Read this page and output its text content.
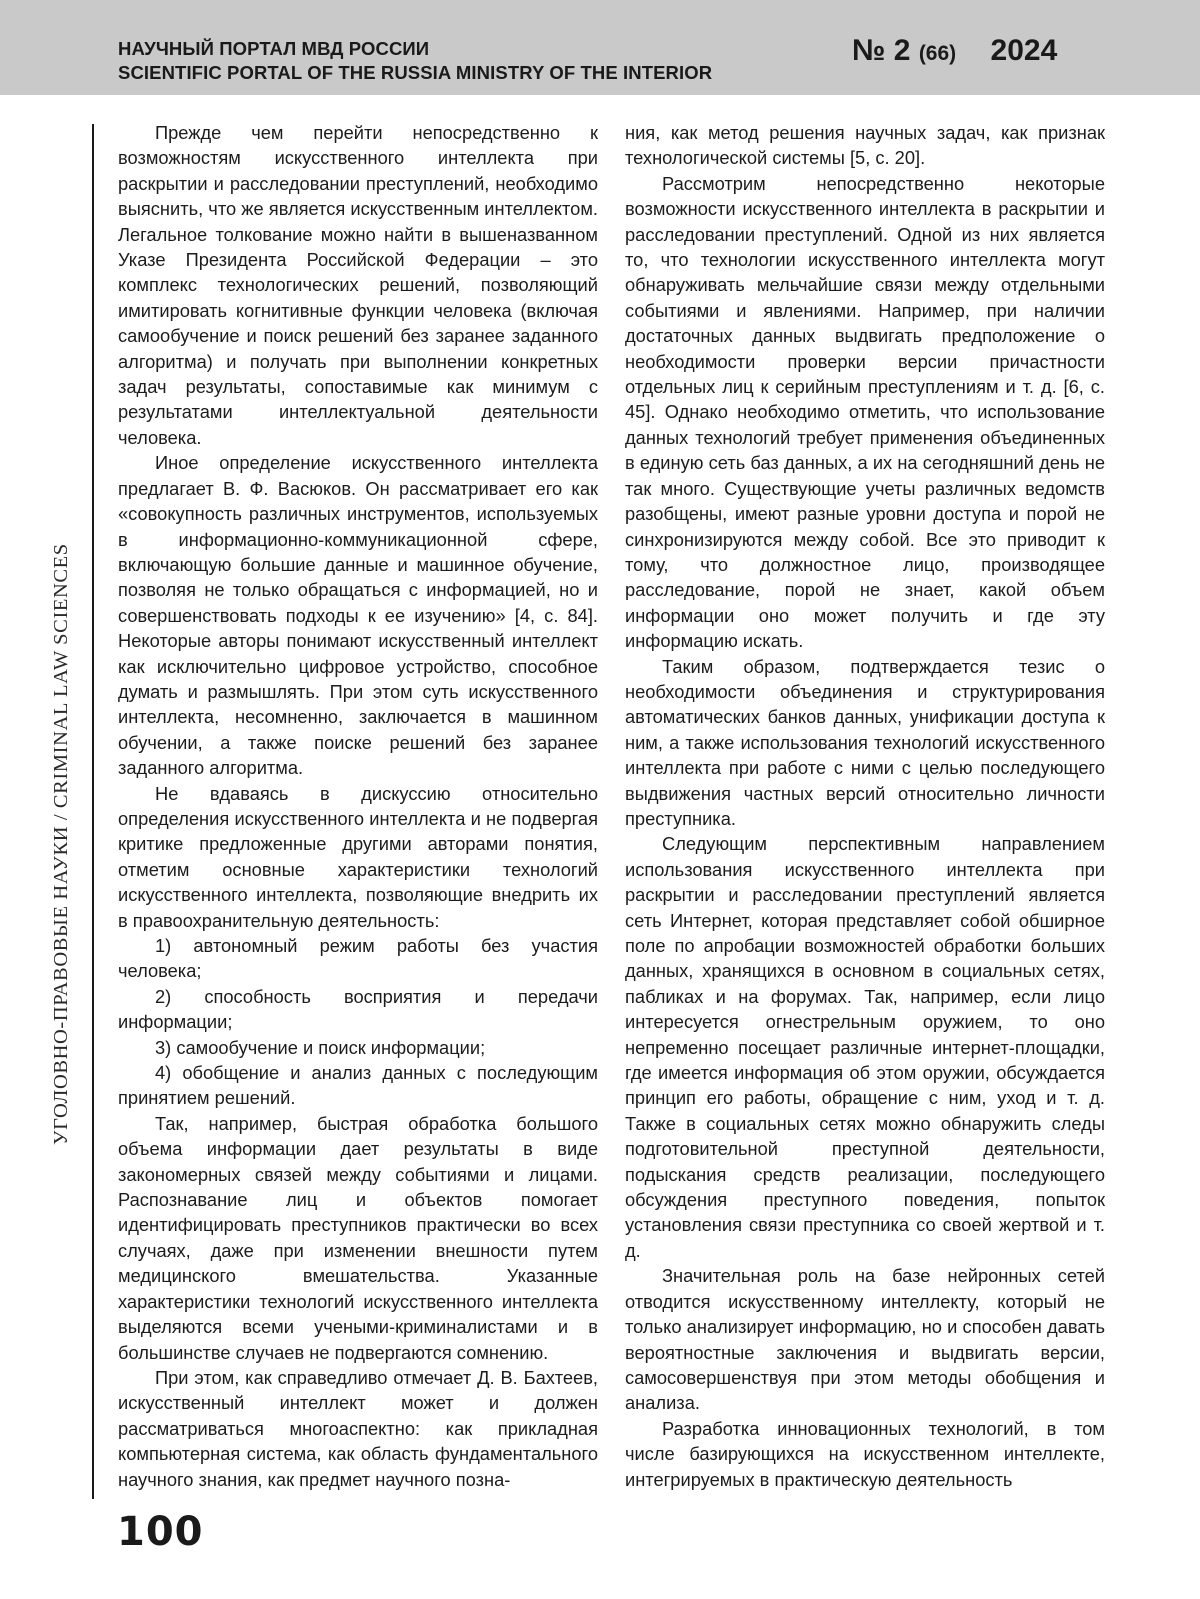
НАУЧНЫЙ ПОРТАЛ МВД РОССИИ
SCIENTIFIC PORTAL OF THE RUSSIA MINISTRY OF THE INTERIOR
№ 2 (66) 2024
УГОЛОВНО-ПРАВОВЫЕ НАУКИ / CRIMINAL LAW SCIENCES

Прежде чем перейти непосредственно к возможностям искусственного интеллекта при раскрытии и расследовании преступлений, необходимо выяснить, что же является искусственным интеллектом. Легальное толкование можно найти в вышеназванном Указе Президента Российской Федерации – это комплекс технологических решений, позволяющий имитировать когнитивные функции человека (включая самообучение и поиск решений без заранее заданного алгоритма) и получать при выполнении конкретных задач результаты, сопоставимые как минимум с результатами интеллектуальной деятельности человека.

Иное определение искусственного интеллекта предлагает В. Ф. Васюков. Он рассматривает его как «совокупность различных инструментов, используемых в информационно-коммуникационной сфере, включающую большие данные и машинное обучение, позволяя не только обращаться с информацией, но и совершенствовать подходы к ее изучению» [4, с. 84]. Некоторые авторы понимают искусственный интеллект как исключительно цифровое устройство, способное думать и размышлять. При этом суть искусственного интеллекта, несомненно, заключается в машинном обучении, а также поиске решений без заранее заданного алгоритма.

Не вдаваясь в дискуссию относительно определения искусственного интеллекта и не подвергая критике предложенные другими авторами понятия, отметим основные характеристики технологий искусственного интеллекта, позволяющие внедрить их в правоохранительную деятельность:

1) автономный режим работы без участия человека;

2) способность восприятия и передачи информации;

3) самообучение и поиск информации;

4) обобщение и анализ данных с последующим принятием решений.

Так, например, быстрая обработка большого объема информации дает результаты в виде закономерных связей между событиями и лицами. Распознавание лиц и объектов помогает идентифицировать преступников практически во всех случаях, даже при изменении внешности путем медицинского вмешательства. Указанные характеристики технологий искусственного интеллекта выделяются всеми учеными-криминалистами и в большинстве случаев не подвергаются сомнению.

При этом, как справедливо отмечает Д. В. Бахтеев, искусственный интеллект может и должен рассматриваться многоаспектно: как прикладная компьютерная система, как область фундаментального научного знания, как предмет научного позна-

ния, как метод решения научных задач, как признак технологической системы [5, с. 20].

Рассмотрим непосредственно некоторые возможности искусственного интеллекта в раскрытии и расследовании преступлений. Одной из них является то, что технологии искусственного интеллекта могут обнаруживать мельчайшие связи между отдельными событиями и явлениями. Например, при наличии достаточных данных выдвигать предположение о необходимости проверки версии причастности отдельных лиц к серийным преступлениям и т. д. [6, с. 45]. Однако необходимо отметить, что использование данных технологий требует применения объединенных в единую сеть баз данных, а их на сегодняшний день не так много. Существующие учеты различных ведомств разобщены, имеют разные уровни доступа и порой не синхронизируются между собой. Все это приводит к тому, что должностное лицо, производящее расследование, порой не знает, какой объем информации оно может получить и где эту информацию искать.

Таким образом, подтверждается тезис о необходимости объединения и структурирования автоматических банков данных, унификации доступа к ним, а также использования технологий искусственного интеллекта при работе с ними с целью последующего выдвижения частных версий относительно личности преступника.

Следующим перспективным направлением использования искусственного интеллекта при раскрытии и расследовании преступлений является сеть Интернет, которая представляет собой обширное поле по апробации возможностей обработки больших данных, хранящихся в основном в социальных сетях, пабликах и на форумах. Так, например, если лицо интересуется огнестрельным оружием, то оно непременно посещает различные интернет-площадки, где имеется информация об этом оружии, обсуждается принцип его работы, обращение с ним, уход и т. д. Также в социальных сетях можно обнаружить следы подготовительной преступной деятельности, подыскания средств реализации, последующего обсуждения преступного поведения, попыток установления связи преступника со своей жертвой и т. д.

Значительная роль на базе нейронных сетей отводится искусственному интеллекту, который не только анализирует информацию, но и способен давать вероятностные заключения и выдвигать версии, самосовершенствуя при этом методы обобщения и анализа.

Разработка инновационных технологий, в том числе базирующихся на искусственном интеллекте, интегрируемых в практическую деятельность

100
